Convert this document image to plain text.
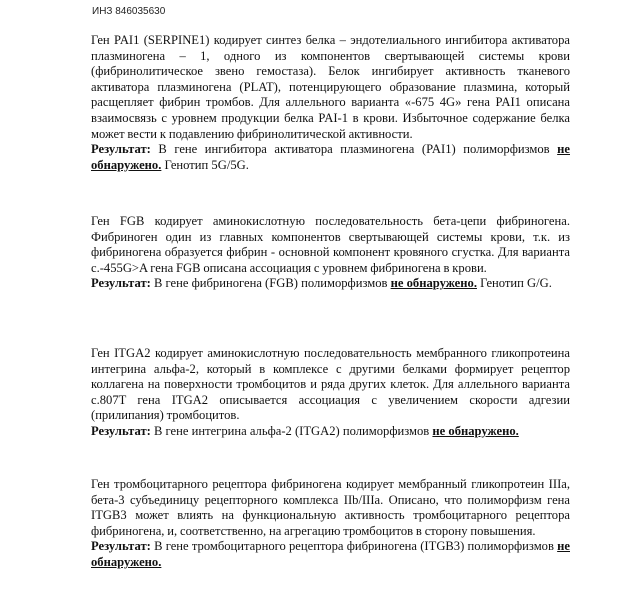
ИНЗ 846035630

Ген PAI1 (SERPINE1) кодирует синтез белка – эндотелиального ингибитора активатора плазминогена – 1, одного из компонентов свертывающей системы крови (фибринолитическое звено гемостаза). Белок ингибирует активность тканевого активатора плазминогена (PLAT), потенцирующего образование плазмина, который расщепляет фибрин тромбов. Для аллельного варианта «-675 4G» гена PAI1 описана взаимосвязь с уровнем продукции белка PAI-1 в крови. Избыточное содержание белка может вести к подавлению фибринолитической активности.

Результат: В гене ингибитора активатора плазминогена (PAI1) полиморфизмов не обнаружено. Генотип 5G/5G.

Ген FGB кодирует аминокислотную последовательность бета-цепи фибриногена. Фибриноген один из главных компонентов свертывающей системы крови, т.к. из фибриногена образуется фибрин - основной компонент кровяного сгустка. Для варианта c.-455G>A гена FGB описана ассоциация с уровнем фибриногена в крови.

Результат: В гене фибриногена (FGB) полиморфизмов не обнаружено. Генотип G/G.

Ген ITGA2 кодирует аминокислотную последовательность мембранного гликопротеина интегрина альфа-2, который в комплексе с другими белками формирует рецептор коллагена на поверхности тромбоцитов и ряда других клеток. Для аллельного варианта c.807T гена ITGA2 описывается ассоциация с увеличением скорости адгезии (прилипания) тромбоцитов.

Результат: В гене интегрина альфа-2 (ITGA2) полиморфизмов не обнаружено.

Ген тромбоцитарного рецептора фибриногена кодирует мембранный гликопротеин IIIa, бета-3 субъединицу рецепторного комплекса IIb/IIIa. Описано, что полиморфизм гена ITGB3 может влиять на функциональную активность тромбоцитарного рецептора фибриногена, и, соответственно, на агрегацию тромбоцитов в сторону повышения.

Результат: В гене тромбоцитарного рецептора фибриногена (ITGB3) полиморфизмов не обнаружено.
